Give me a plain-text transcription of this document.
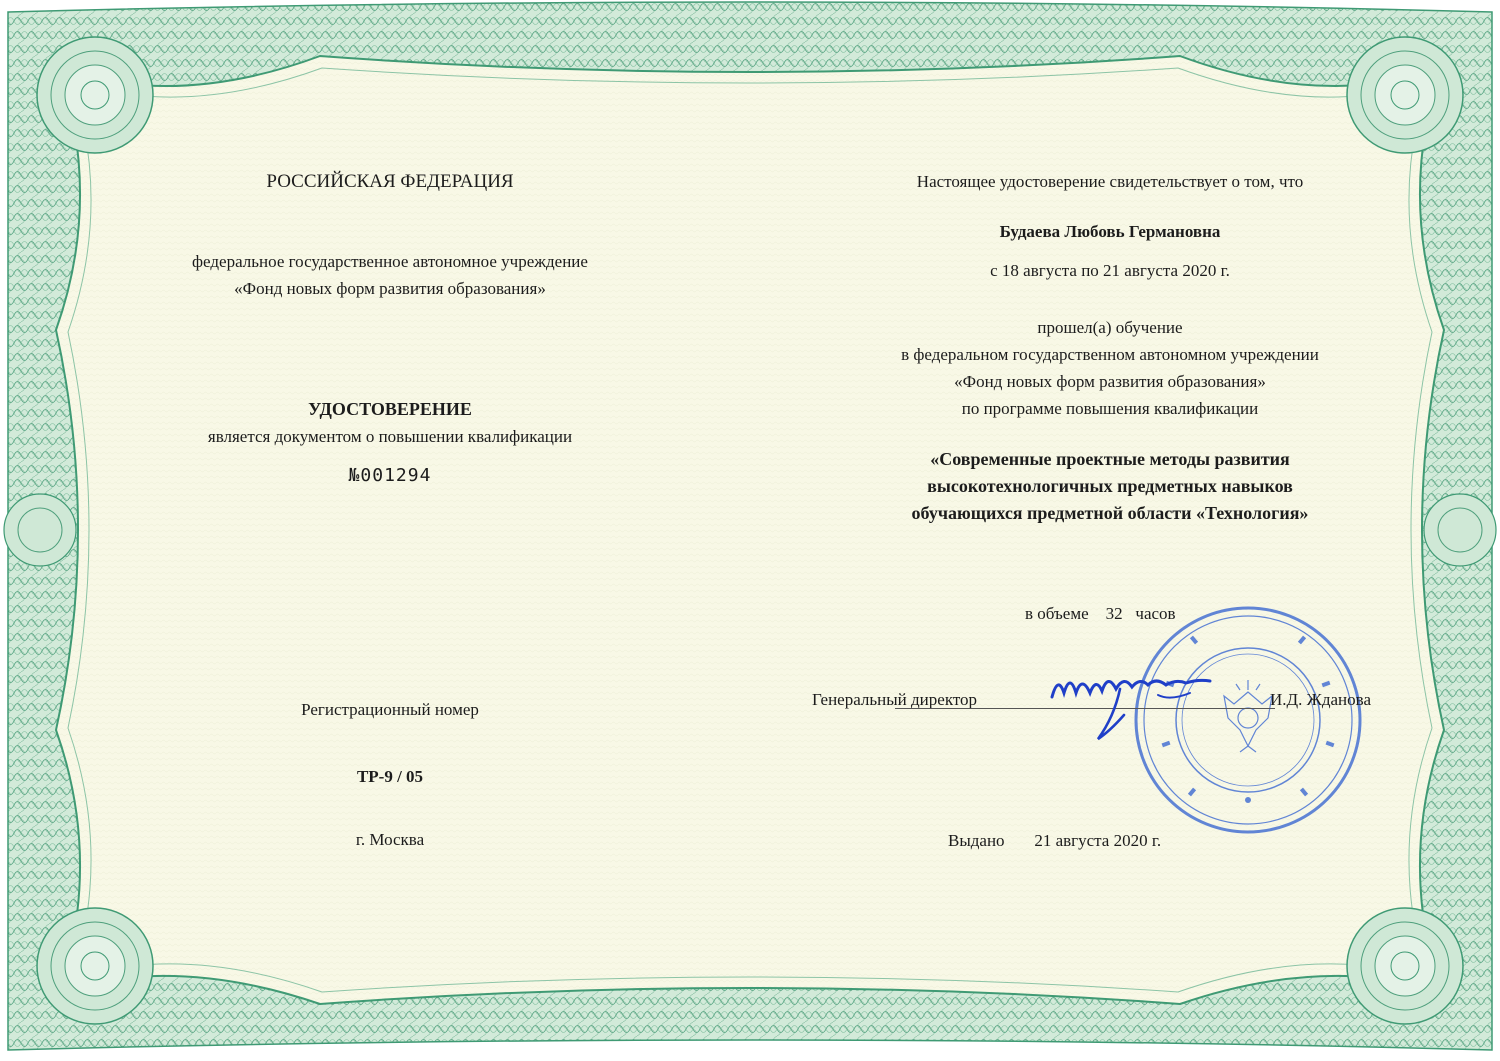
РОССИЙСКАЯ ФЕДЕРАЦИЯ
федеральное государственное автономное учреждение
«Фонд новых форм развития образования»
УДОСТОВЕРЕНИЕ
является документом о повышении квалификации
№001294
Регистрационный номер
ТР-9 / 05
г. Москва
Настоящее удостоверение свидетельствует о том, что
Будаева Любовь Германовна
с 18 августа по 21 августа 2020 г.
прошел(а) обучение
в федеральном государственном автономном учреждении
«Фонд новых форм развития образования»
по программе повышения квалификации
«Современные проектные методы развития
высокотехнологичных предметных навыков
обучающихся предметной области «Технология»
в объеме 32 часов
Генеральный директор	И.Д. Жданова
Выдано 21 августа 2020 г.
